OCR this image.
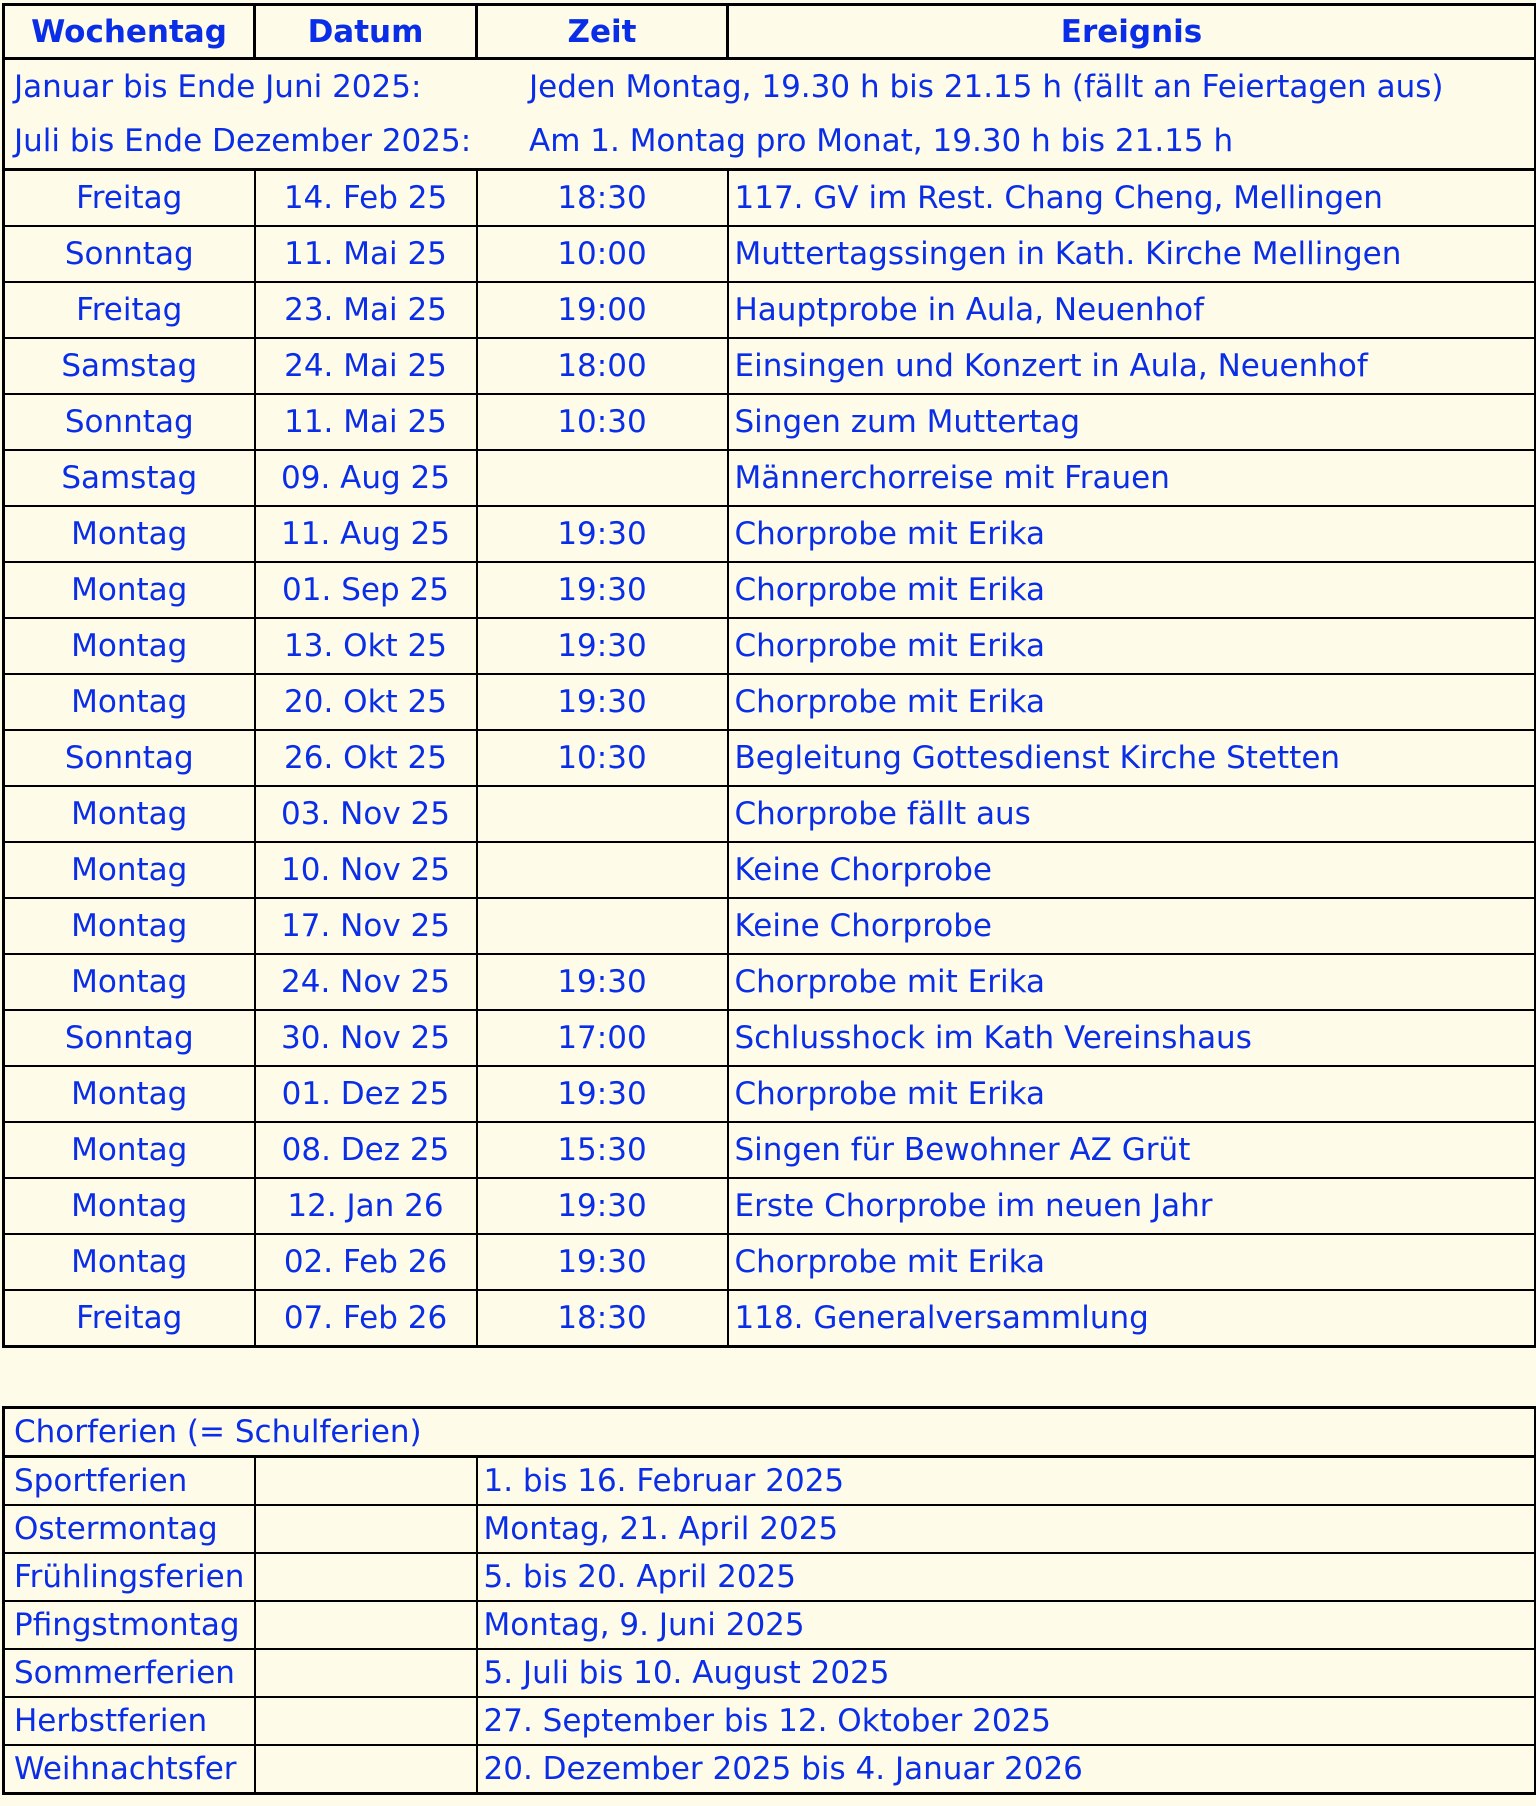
Wochentag	Datum	Zeit	Ereignis
Januar bis Ende Juni 2025: Jeden Montag, 19.30 h bis 21.15 h (fällt an Feiertagen aus)			
Juli bis Ende Dezember 2025: Am 1. Montag pro Monat, 19.30 h bis 21.15 h			
Freitag	14. Feb 25	18:30	117. GV im Rest. Chang Cheng, Mellingen
Sonntag	11. Mai 25	10:00	Muttertagssingen in Kath. Kirche Mellingen
Freitag	23. Mai 25	19:00	Hauptprobe in Aula, Neuenhof
Samstag	24. Mai 25	18:00	Einsingen und Konzert in Aula, Neuenhof
Sonntag	11. Mai 25	10:30	Singen zum Muttertag
Samstag	09. Aug 25		Männerchorreise mit Frauen
Montag	11. Aug 25	19:30	Chorprobe mit Erika
Montag	01. Sep 25	19:30	Chorprobe mit Erika
Montag	13. Okt 25	19:30	Chorprobe mit Erika
Montag	20. Okt 25	19:30	Chorprobe mit Erika
Sonntag	26. Okt 25	10:30	Begleitung Gottesdienst Kirche Stetten
Montag	03. Nov 25		Chorprobe fällt aus
Montag	10. Nov 25		Keine Chorprobe
Montag	17. Nov 25		Keine Chorprobe
Montag	24. Nov 25	19:30	Chorprobe mit Erika
Sonntag	30. Nov 25	17:00	Schlusshock im Kath Vereinshaus
Montag	01. Dez 25	19:30	Chorprobe mit Erika
Montag	08. Dez 25	15:30	Singen für Bewohner AZ Grüt
Montag	12. Jan 26	19:30	Erste Chorprobe im neuen Jahr
Montag	02. Feb 26	19:30	Chorprobe mit Erika
Freitag	07. Feb 26	18:30	118. Generalversammlung
Chorferien (= Schulferien)		
Sportferien		1. bis 16. Februar 2025
Ostermontag		Montag, 21. April 2025
Frühlingsferien		5. bis 20. April 2025
Pfingstmontag		Montag, 9. Juni 2025
Sommerferien		5. Juli bis 10. August 2025
Herbstferien		27. September bis 12. Oktober 2025
Weihnachtsfer		20. Dezember 2025 bis 4. Januar 2026
